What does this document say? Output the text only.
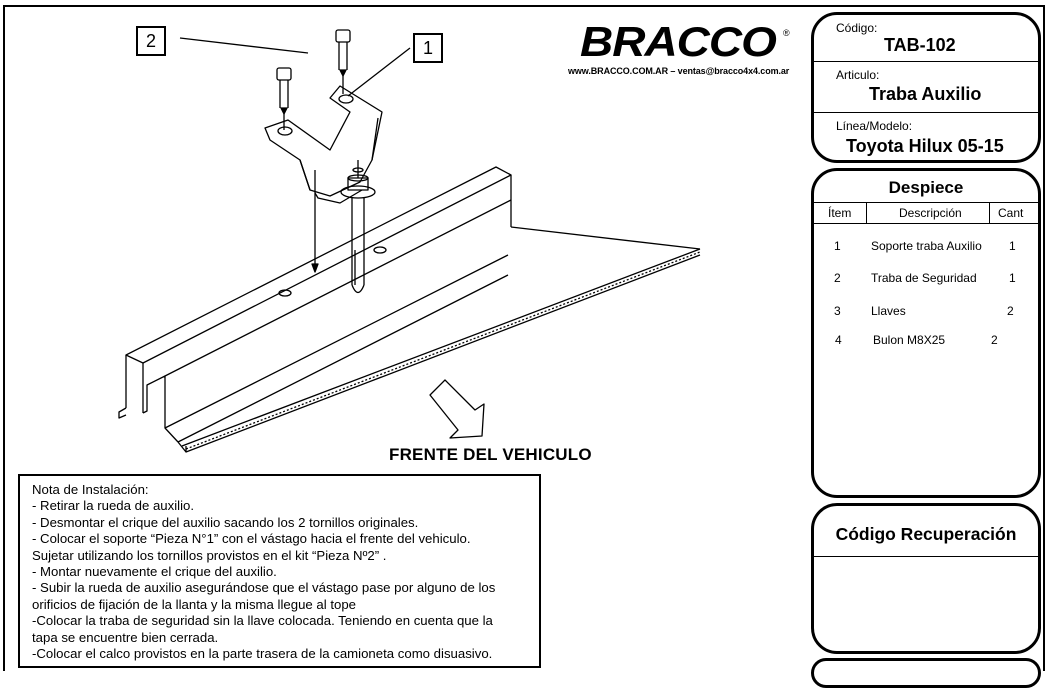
2	1
FRENTE DEL VEHICULO
BRACCO ®
www.BRACCO.COM.AR – ventas@bracco4x4.com.ar
Nota de Instalación:
- Retirar la rueda de auxilio.
- Desmontar el crique del auxilio sacando los 2 tornillos originales.
- Colocar el soporte “Pieza N°1” con el vástago hacia el frente del vehiculo.
Sujetar utilizando los tornillos provistos en el kit “Pieza Nº2” .
- Montar nuevamente el crique del auxilio.
- Subir la rueda de auxilio asegurándose que el vástago pase por alguno de los
orificios de fijación de la llanta y la misma llegue al tope
-Colocar la traba de seguridad sin la llave colocada. Teniendo en cuenta que la
tapa se encuentre bien cerrada.
-Colocar el calco provistos en la parte trasera de la camioneta como disuasivo.
Código:
TAB-102
Articulo:
Traba Auxilio
Línea/Modelo:
Toyota Hilux 05-15
Despiece
Ítem	Descripción	Cant
1	Soporte traba Auxilio 1
2	Traba de Seguridad	1
3	Llaves	2
4	Bulon M8X25	2
Código Recuperación
